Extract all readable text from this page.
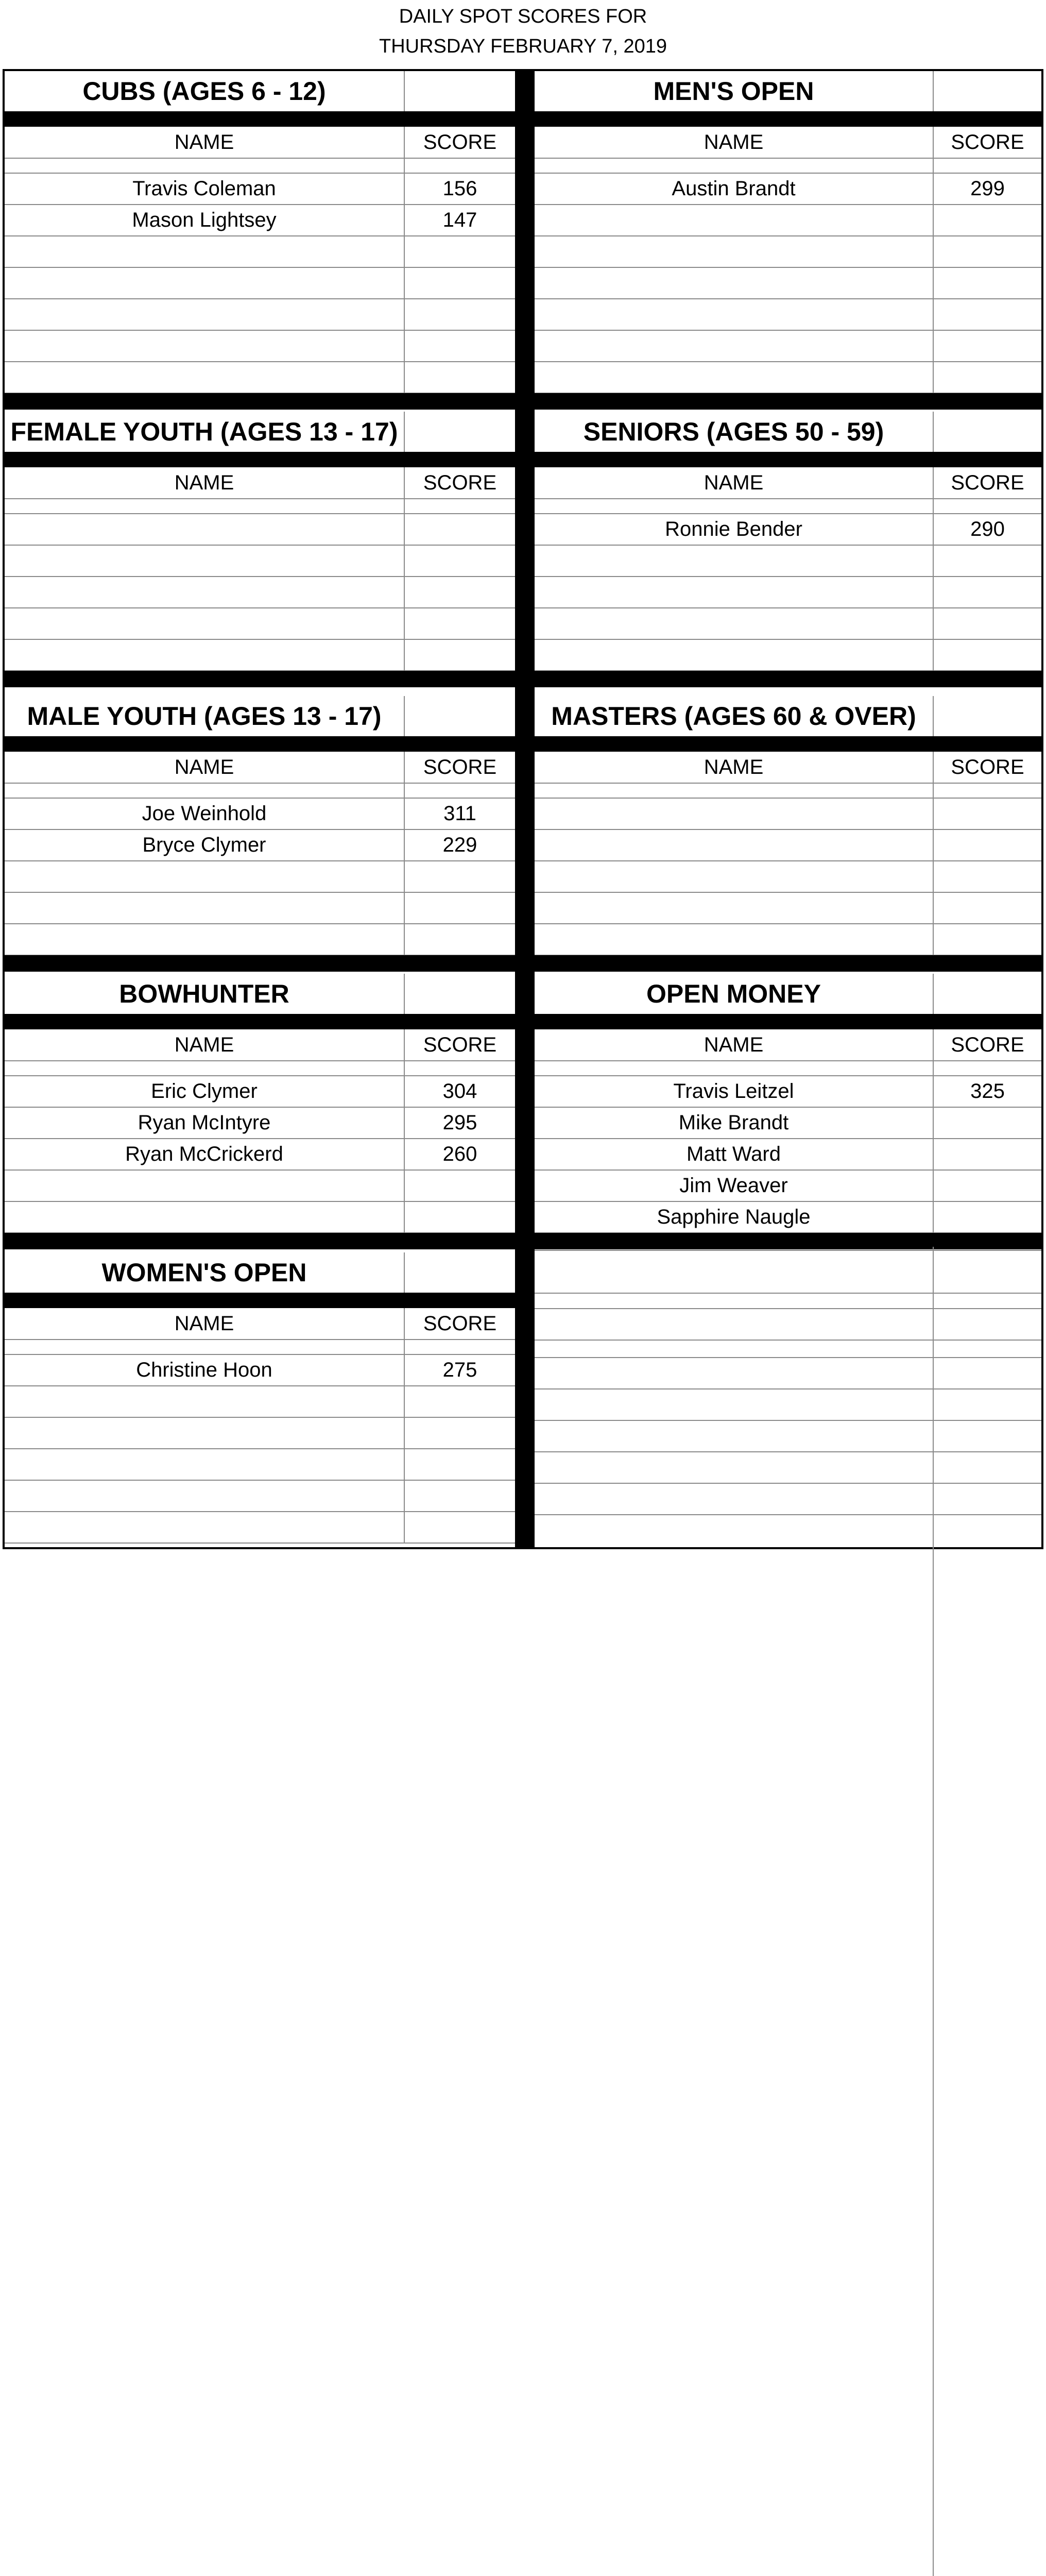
DAILY SPOT SCORES FOR
THURSDAY FEBRUARY 7, 2019
CUBS (AGES 6 - 12)
NAME	SCORE
Travis Coleman	156
Mason Lightsey	147
MEN'S OPEN
NAME	SCORE
Austin Brandt	299
FEMALE YOUTH (AGES 13 - 17)
NAME	SCORE
SENIORS (AGES 50 - 59)
NAME	SCORE
Ronnie Bender	290
MALE YOUTH (AGES 13 - 17)
NAME	SCORE
Joe Weinhold	311
Bryce Clymer	229
MASTERS (AGES 60 & OVER)
NAME	SCORE
BOWHUNTER
NAME	SCORE
Eric Clymer	304
Ryan McIntyre	295
Ryan McCrickerd	260
OPEN MONEY
NAME	SCORE
Travis Leitzel	325
Mike Brandt
Matt Ward
Jim Weaver
Sapphire Naugle
WOMEN'S OPEN
NAME	SCORE
Christine Hoon	275
